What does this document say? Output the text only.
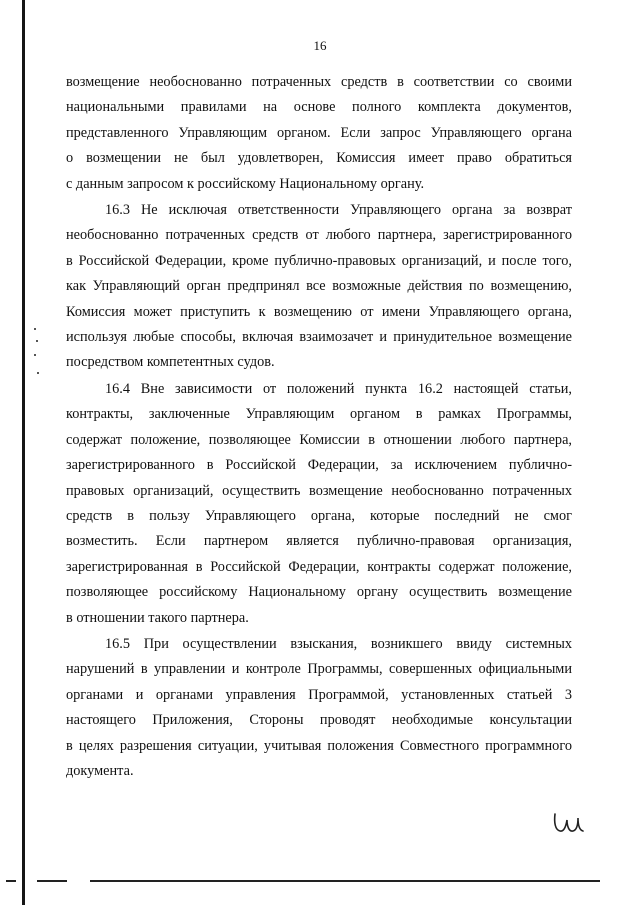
16

возмещение необоснованно потраченных средств в соответствии со своими
национальными правилами на основе полного комплекта документов,
представленного Управляющим органом. Если запрос Управляющего органа
о возмещении не был удовлетворен, Комиссия имеет право обратиться
с данным запросом к российскому Национальному органу.

16.3 Не исключая ответственности Управляющего органа за возврат
необоснованно потраченных средств от любого партнера, зарегистрированного
в Российской Федерации, кроме публично-правовых организаций, и после того,
как Управляющий орган предпринял все возможные действия по возмещению,
Комиссия может приступить к возмещению от имени Управляющего органа,
используя любые способы, включая взаимозачет и принудительное возмещение
посредством компетентных судов.

16.4 Вне зависимости от положений пункта 16.2 настоящей статьи,
контракты, заключенные Управляющим органом в рамках Программы,
содержат положение, позволяющее Комиссии в отношении любого партнера,
зарегистрированного в Российской Федерации, за исключением публично-
правовых организаций, осуществить возмещение необоснованно потраченных
средств в пользу Управляющего органа, которые последний не смог
возместить. Если партнером является публично-правовая организация,
зарегистрированная в Российской Федерации, контракты содержат положение,
позволяющее российскому Национальному органу осуществить возмещение
в отношении такого партнера.

16.5 При осуществлении взыскания, возникшего ввиду системных
нарушений в управлении и контроле Программы, совершенных официальными
органами и органами управления Программой, установленных статьей 3
настоящего Приложения, Стороны проводят необходимые консультации
в целях разрешения ситуации, учитывая положения Совместного программного
документа.
